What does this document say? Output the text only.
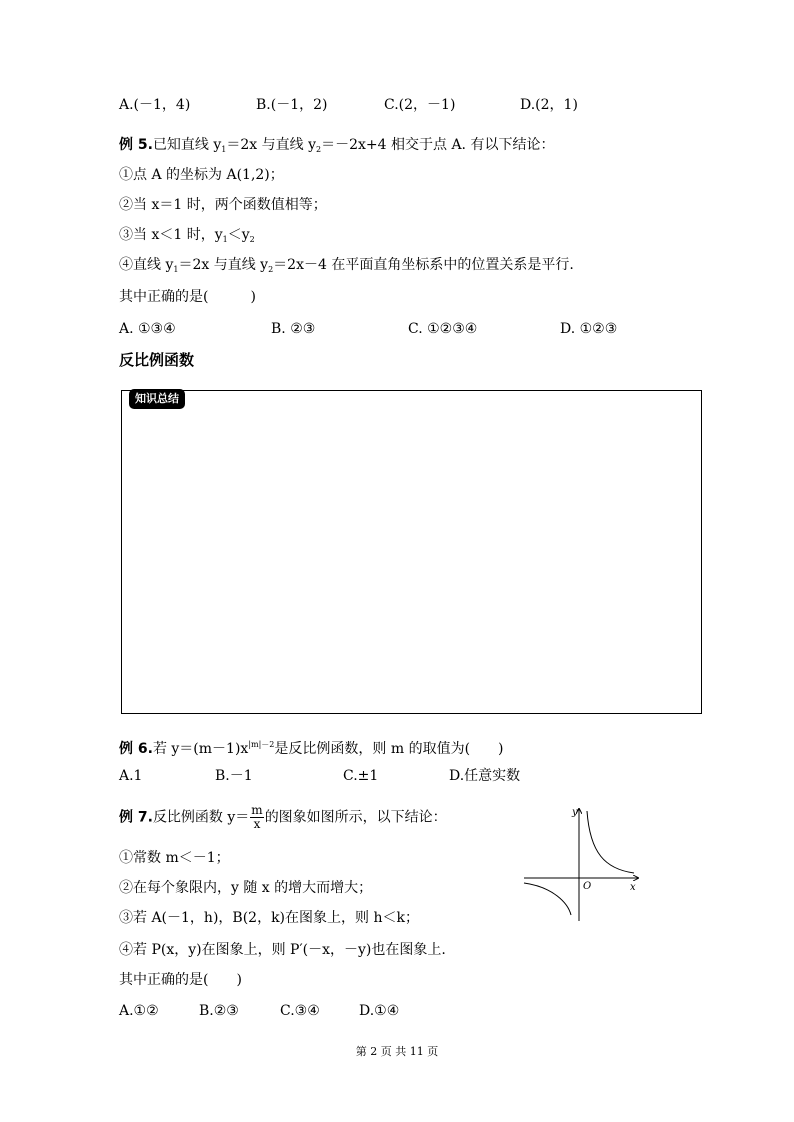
A.(－1，4)	B.(－1，2)	C.(2，－1)	D.(2，1)
例 5.已知直线 $y_1=2x$ 与直线 $y_2=-2x+4$ 相交于点 A. 有以下结论：
①点 A 的坐标为 A(1,2)；
②当 x＝1 时，两个函数值相等；
③当 x＜1 时，$y_1<y_2$
④直线 $y_1=2x$ 与直线 $y_2=2x-4$ 在平面直角坐标系中的位置关系是平行.
其中正确的是(　　　)
A. ①③④	B. ②③	C. ①②③④	D. ①②③
反比例函数
知识总结
例 6.若 $y=(m-1)x^{|m|-2}$是反比例函数，则 m 的取值为(　　)
A.1	B.－1	C.±1	D.任意实数
例 7.反比例函数 $y= \frac{m}{x}$ 的图象如图所示，以下结论：
①常数 m＜－1；
②在每个象限内，y 随 x 的增大而增大；
③若 A(－1，h)，B(2，k)在图象上，则 h＜k；
④若 P(x，y)在图象上，则 P′(－x，－y)也在图象上.
其中正确的是(　　)
A.①②	B.②③	C.③④	D.①④
y
x
O
第 2 页 共 11 页
